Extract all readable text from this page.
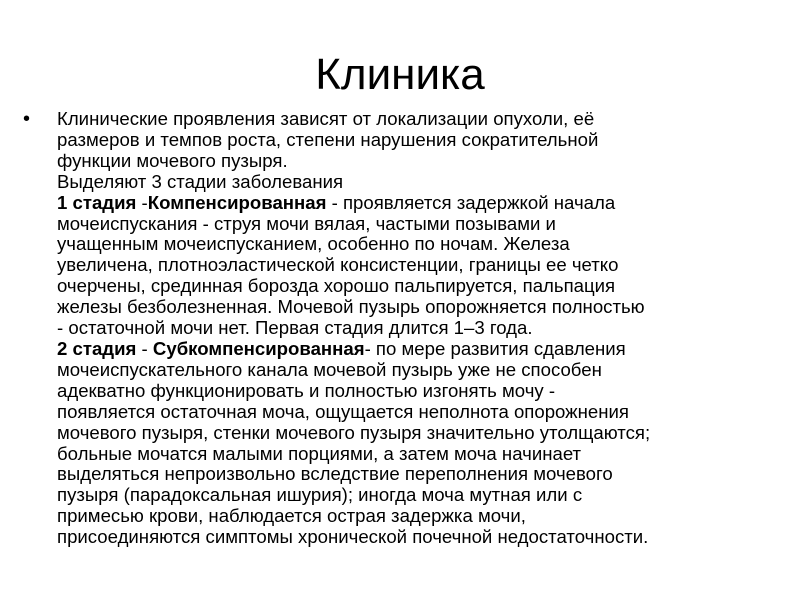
Клиника
• Клинические проявления зависят от локализации опухоли, её
размеров и темпов роста, степени нарушения сократительной
функции мочевого пузыря.
Выделяют 3 стадии заболевания
1 стадия -Компенсированная - проявляется задержкой начала
мочеиспускания - струя мочи вялая, частыми позывами и
учащенным мочеиспусканием, особенно по ночам. Железа
увеличена, плотноэластической консистенции, границы ее четко
очерчены, срединная борозда хорошо пальпируется, пальпация
железы безболезненная. Мочевой пузырь опорожняется полностью
- остаточной мочи нет. Первая стадия длится 1–3 года.
2 стадия - Субкомпенсированная- по мере развития сдавления
мочеиспускательного канала мочевой пузырь уже не способен
адекватно функционировать и полностью изгонять мочу -
появляется остаточная моча, ощущается неполнота опорожнения
мочевого пузыря, стенки мочевого пузыря значительно утолщаются;
больные мочатся малыми порциями, а затем моча начинает
выделяться непроизвольно вследствие переполнения мочевого
пузыря (парадоксальная ишурия); иногда моча мутная или с
примесью крови, наблюдается острая задержка мочи,
присоединяются симптомы хронической почечной недостаточности.
